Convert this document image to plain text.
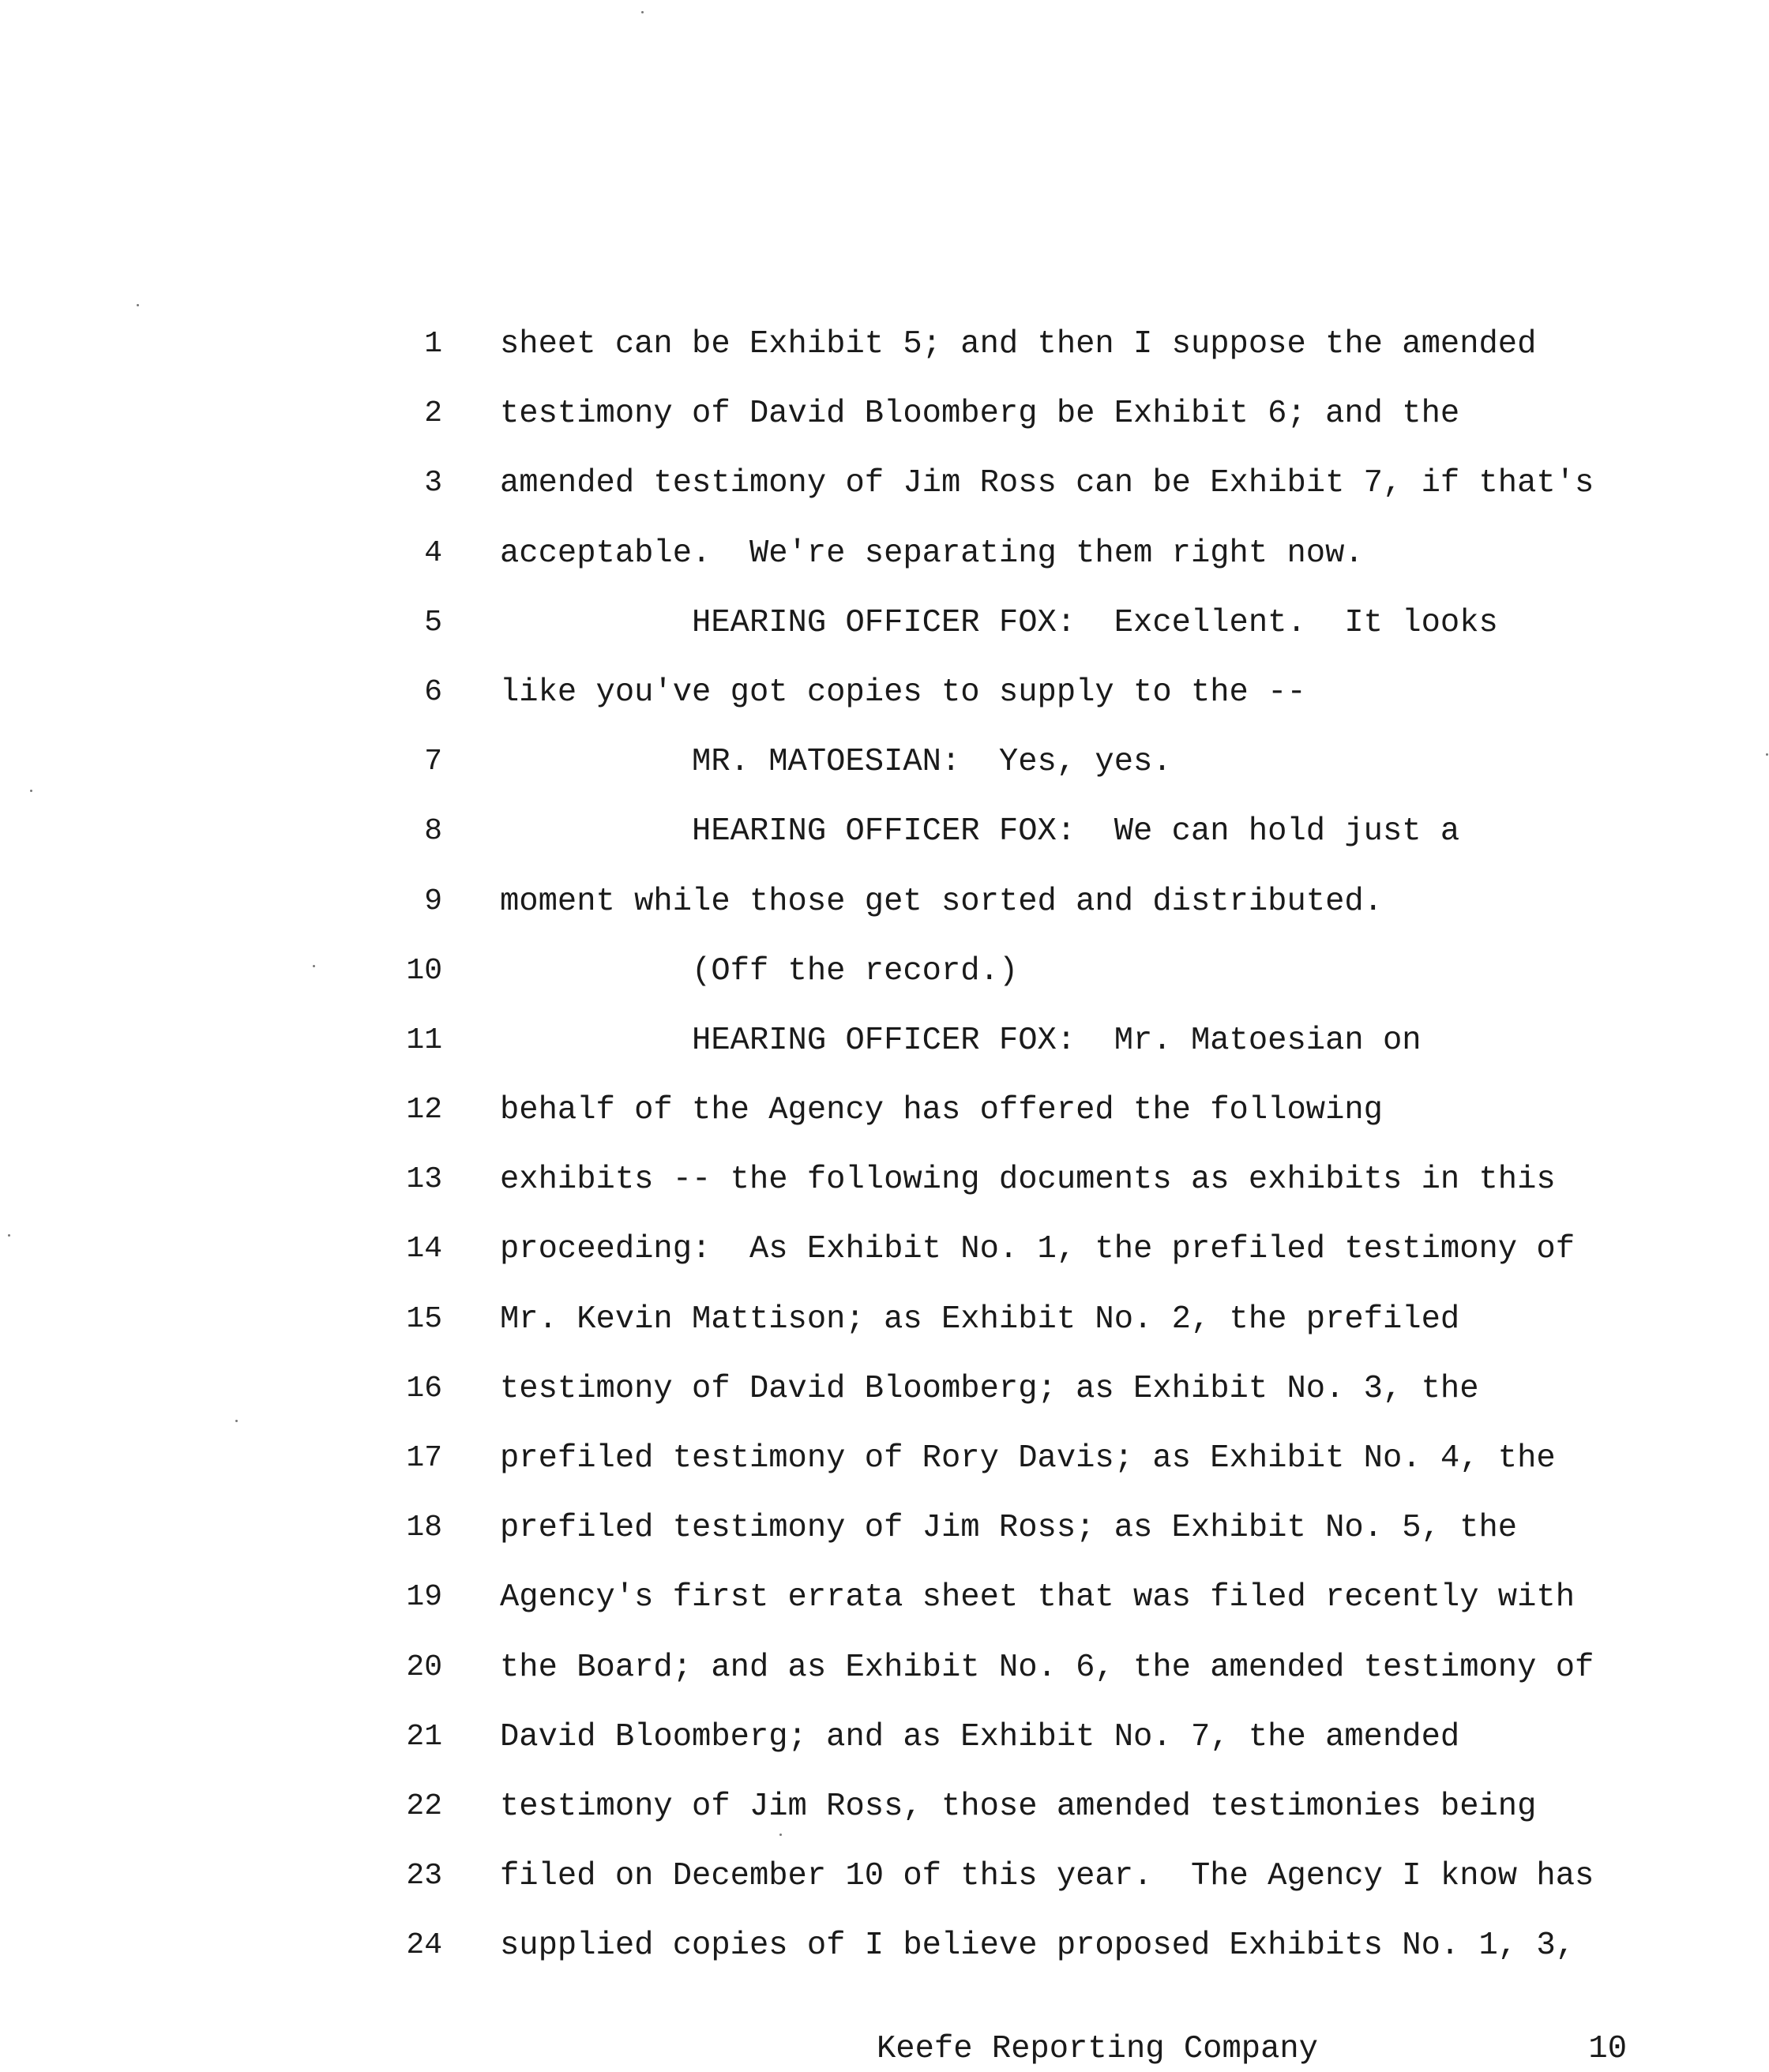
1 sheet can be Exhibit 5; and then I suppose the amended
2 testimony of David Bloomberg be Exhibit 6; and the
3 amended testimony of Jim Ross can be Exhibit 7, if that's
4 acceptable.  We're separating them right now.
5 HEARING OFFICER FOX:  Excellent.  It looks
6 like you've got copies to supply to the --
7 MR. MATOESIAN:  Yes, yes.
8 HEARING OFFICER FOX:  We can hold just a
9 moment while those get sorted and distributed.
10 (Off the record.)
11 HEARING OFFICER FOX:  Mr. Matoesian on
12 behalf of the Agency has offered the following
13 exhibits -- the following documents as exhibits in this
14 proceeding:  As Exhibit No. 1, the prefiled testimony of
15 Mr. Kevin Mattison; as Exhibit No. 2, the prefiled
16 testimony of David Bloomberg; as Exhibit No. 3, the
17 prefiled testimony of Rory Davis; as Exhibit No. 4, the
18 prefiled testimony of Jim Ross; as Exhibit No. 5, the
19 Agency's first errata sheet that was filed recently with
20 the Board; and as Exhibit No. 6, the amended testimony of
21 David Bloomberg; and as Exhibit No. 7, the amended
22 testimony of Jim Ross, those amended testimonies being
23 filed on December 10 of this year.  The Agency I know has
24 supplied copies of I believe proposed Exhibits No. 1, 3,
Keefe Reporting Company	10
